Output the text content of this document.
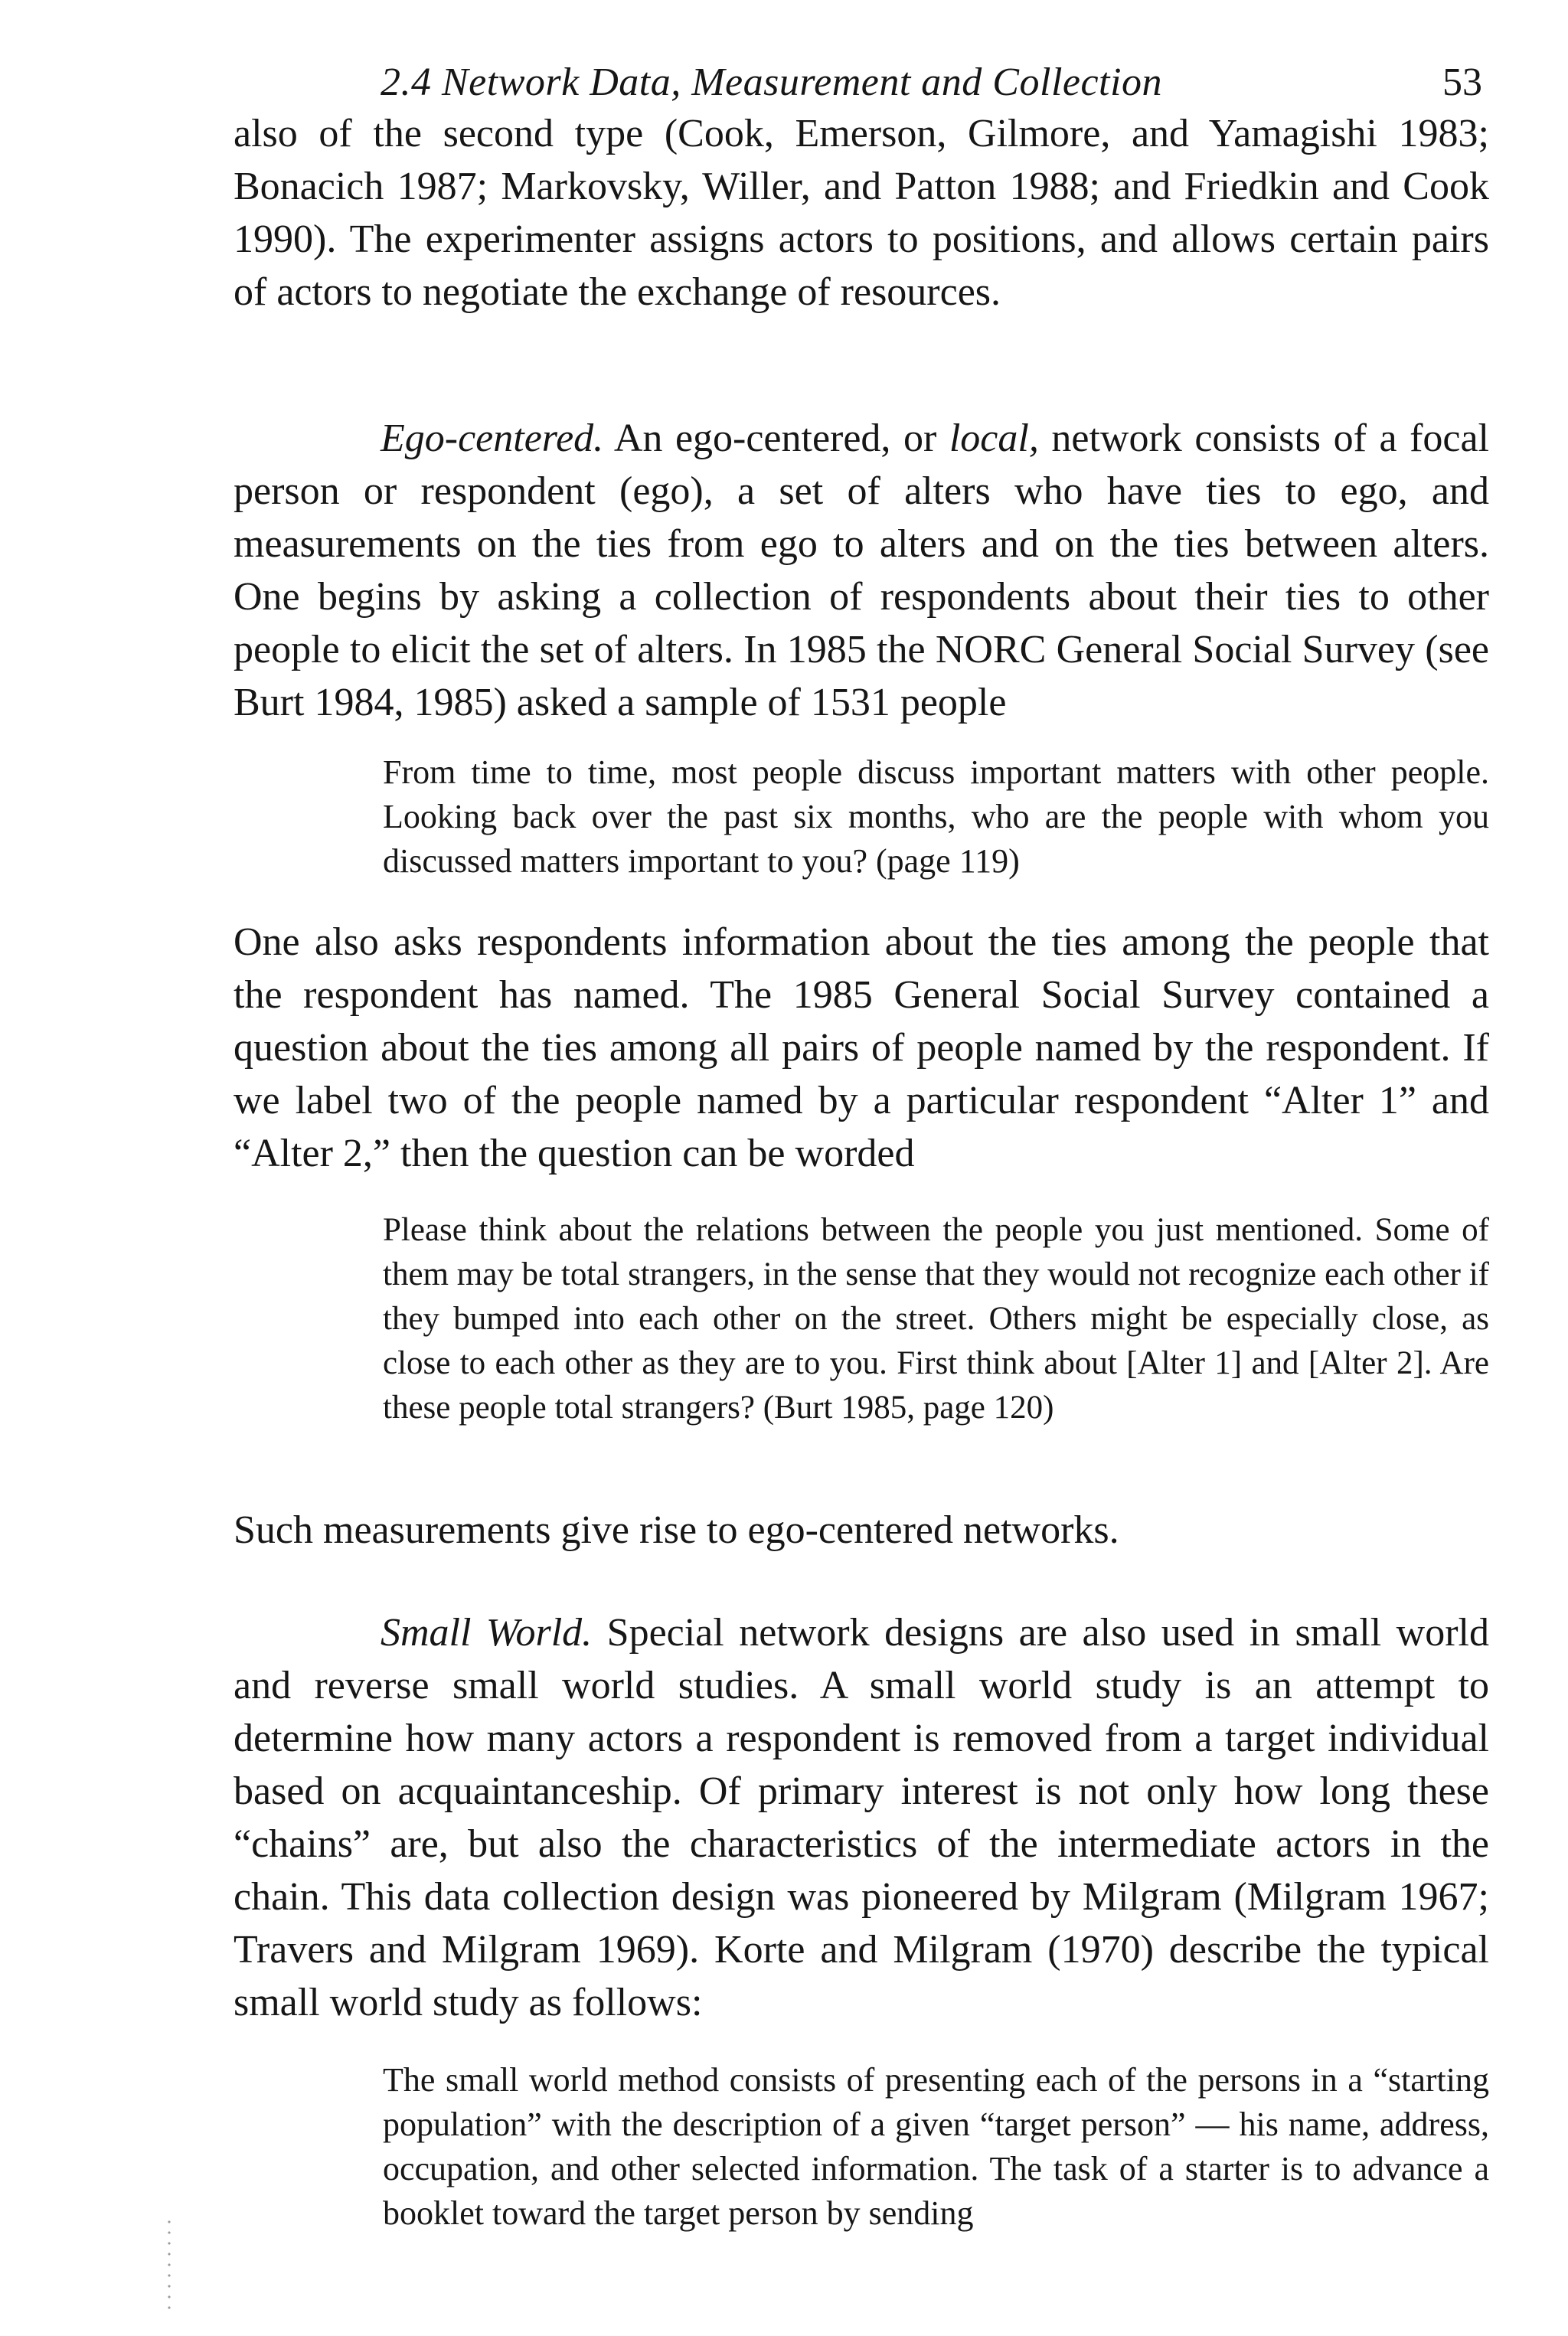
2.4 Network Data, Measurement and Collection	53

also of the second type (Cook, Emerson, Gilmore, and Yamagishi 1983; Bonacich 1987; Markovsky, Willer, and Patton 1988; and Friedkin and Cook 1990). The experimenter assigns actors to positions, and allows certain pairs of actors to negotiate the exchange of resources.

Ego-centered. An ego-centered, or local, network consists of a focal person or respondent (ego), a set of alters who have ties to ego, and measurements on the ties from ego to alters and on the ties between alters. One begins by asking a collection of respondents about their ties to other people to elicit the set of alters. In 1985 the NORC General Social Survey (see Burt 1984, 1985) asked a sample of 1531 people

From time to time, most people discuss important matters with other people. Looking back over the past six months, who are the people with whom you discussed matters important to you? (page 119)

One also asks respondents information about the ties among the people that the respondent has named. The 1985 General Social Survey contained a question about the ties among all pairs of people named by the respondent. If we label two of the people named by a particular respondent “Alter 1” and “Alter 2,” then the question can be worded

Please think about the relations between the people you just mentioned. Some of them may be total strangers, in the sense that they would not recognize each other if they bumped into each other on the street. Others might be especially close, as close to each other as they are to you. First think about [Alter 1] and [Alter 2]. Are these people total strangers? (Burt 1985, page 120)

Such measurements give rise to ego-centered networks.

Small World. Special network designs are also used in small world and reverse small world studies. A small world study is an attempt to determine how many actors a respondent is removed from a target individual based on acquaintanceship. Of primary interest is not only how long these “chains” are, but also the characteristics of the intermediate actors in the chain. This data collection design was pioneered by Milgram (Milgram 1967; Travers and Milgram 1969). Korte and Milgram (1970) describe the typical small world study as follows:

The small world method consists of presenting each of the persons in a “starting population” with the description of a given “target person” — his name, address, occupation, and other selected information. The task of a starter is to advance a booklet toward the target person by sending
